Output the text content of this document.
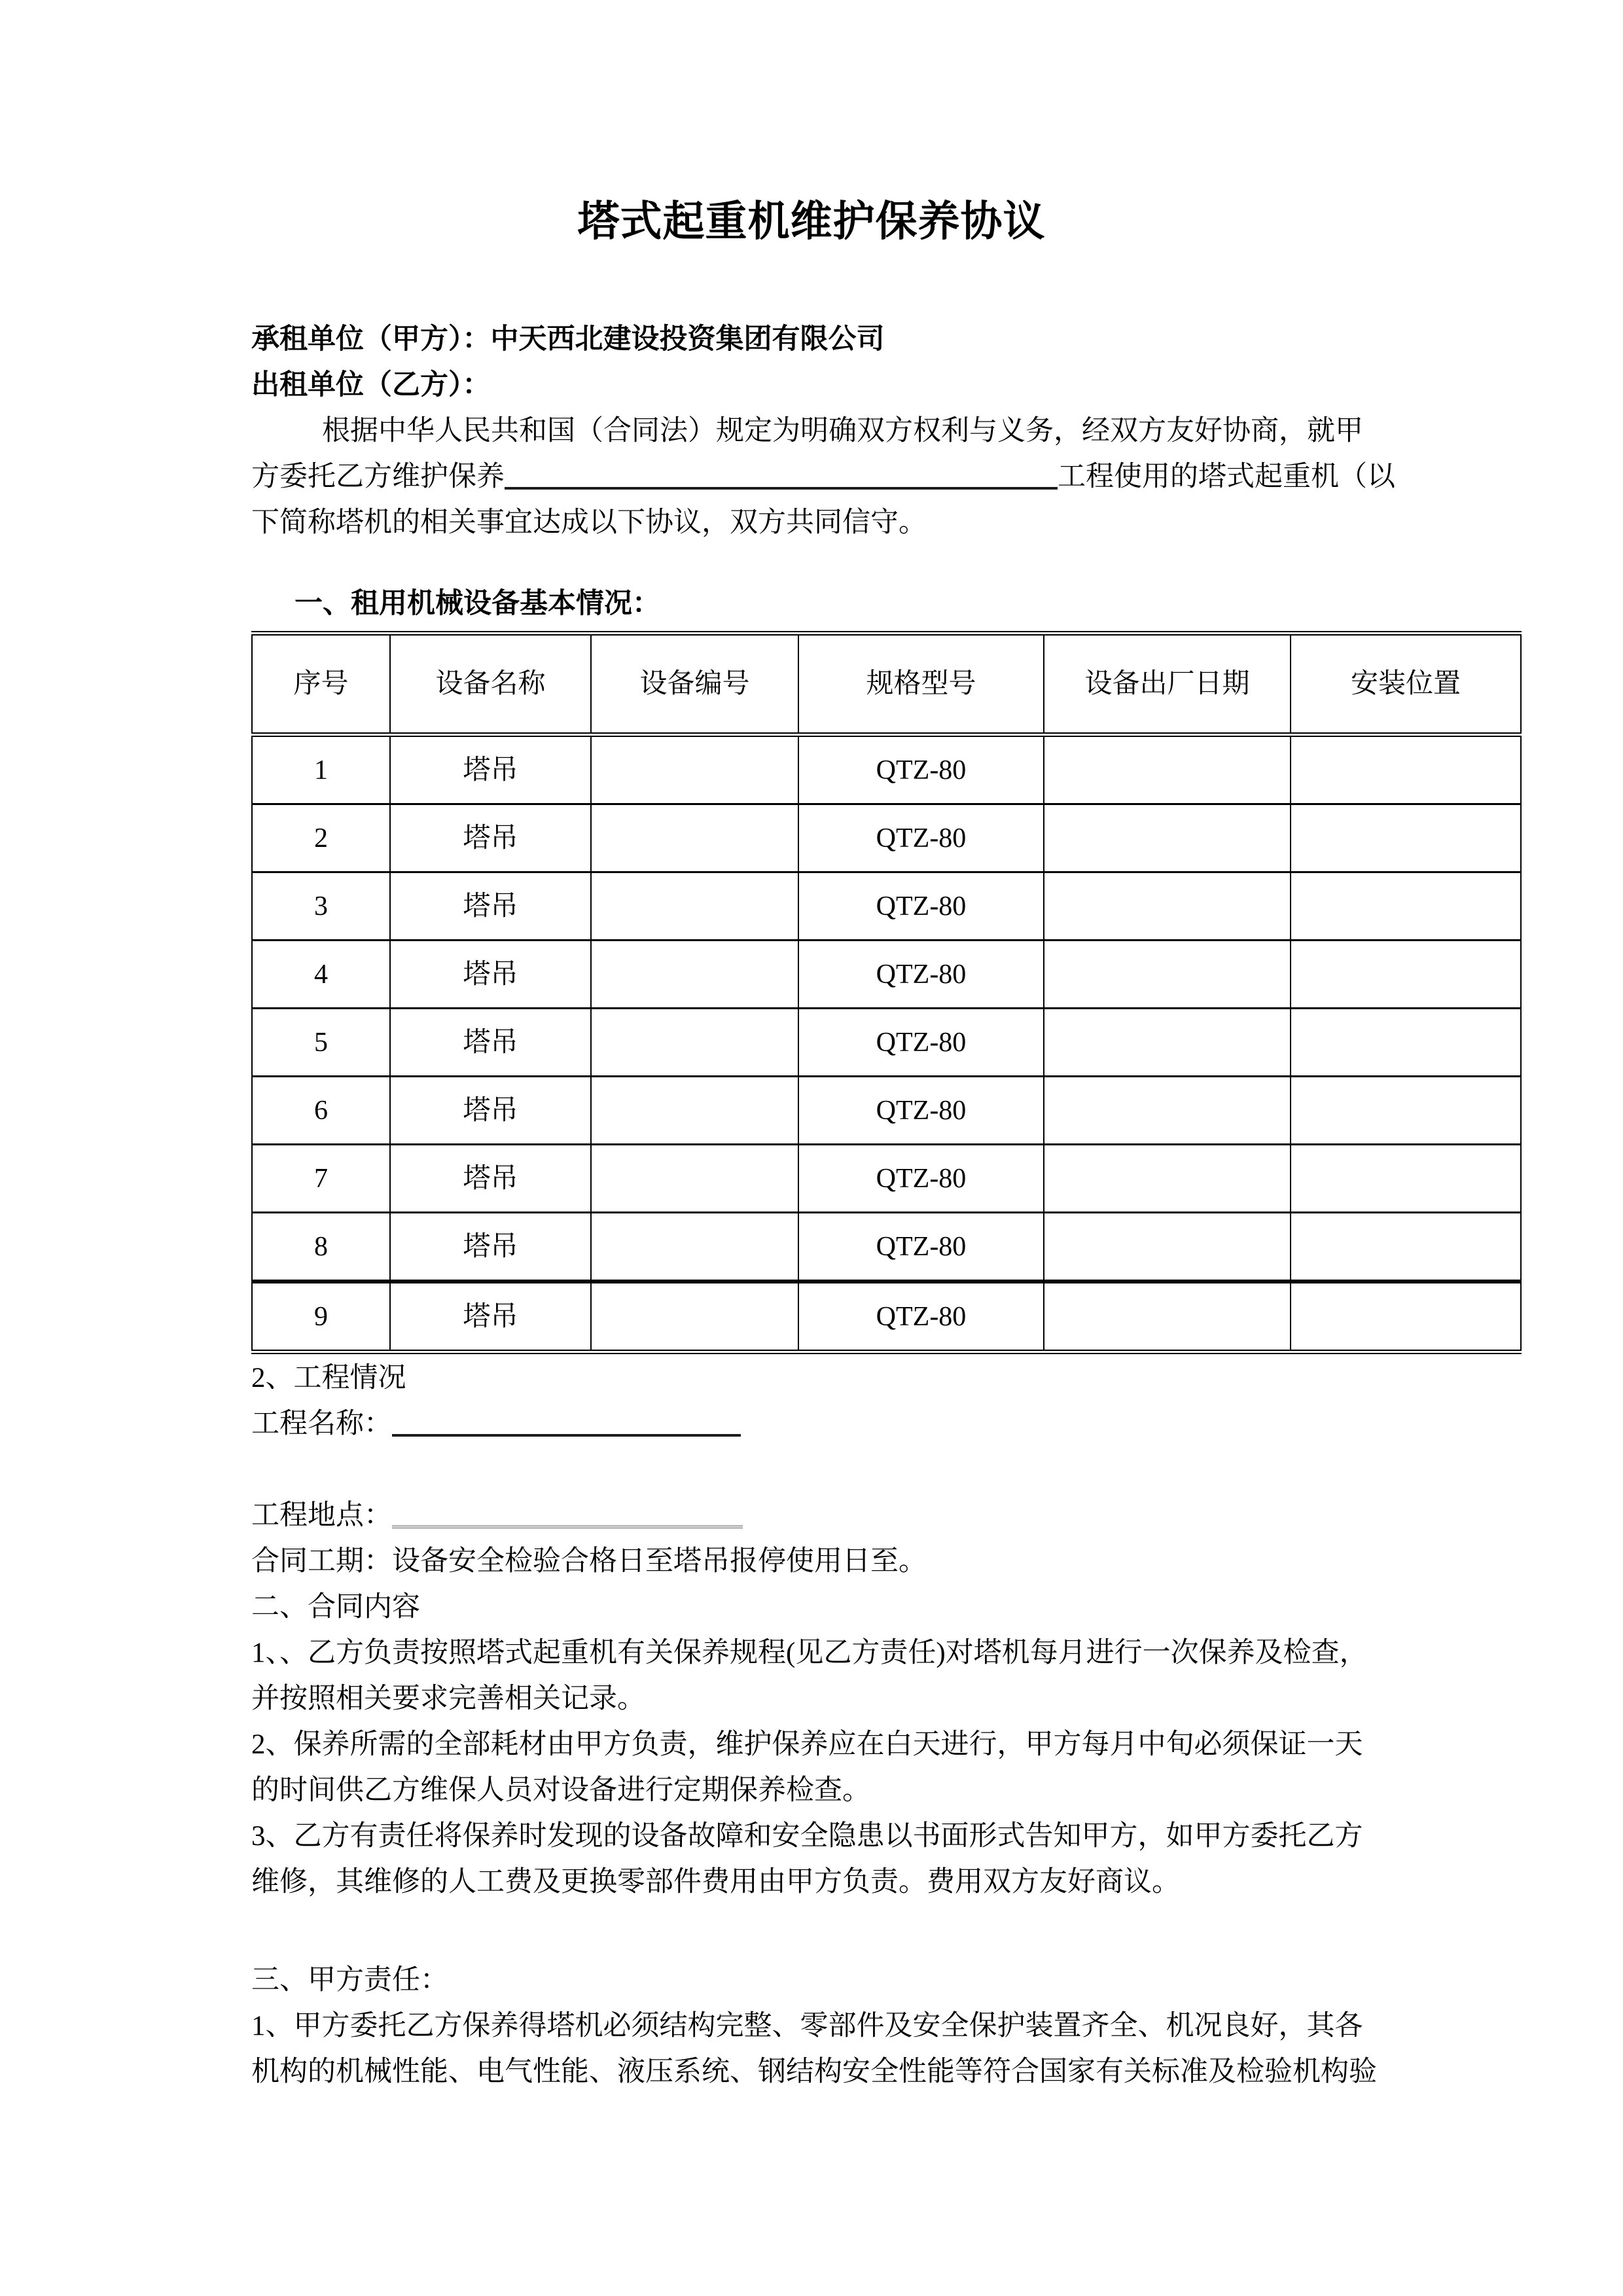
塔式起重机维护保养协议
承租单位（甲方）：中天西北建设投资集团有限公司
出租单位（乙方）：
根据中华人民共和国（合同法）规定为明确双方权利与义务，经双方友好协商，就甲
方委托乙方维护保养	工程使用的塔式起重机（以
下简称塔机的相关事宜达成以下协议，双方共同信守。
一、租用机械设备基本情况：
序号	设备名称	设备编号	规格型号	设备出厂日期	安装位置
1	塔吊		QTZ-80		
2	塔吊		QTZ-80		
3	塔吊		QTZ-80		
4	塔吊		QTZ-80		
5	塔吊		QTZ-80		
6	塔吊		QTZ-80		
7	塔吊		QTZ-80		
8	塔吊		QTZ-80		
9	塔吊		QTZ-80		
2、工程情况
工程名称：
工程地点：
合同工期：设备安全检验合格日至塔吊报停使用日至。
二、合同内容
1、、乙方负责按照塔式起重机有关保养规程(见乙方责任)对塔机每月进行一次保养及检查，
并按照相关要求完善相关记录。
2、保养所需的全部耗材由甲方负责，维护保养应在白天进行，甲方每月中旬必须保证一天
的时间供乙方维保人员对设备进行定期保养检查。
3、乙方有责任将保养时发现的设备故障和安全隐患以书面形式告知甲方，如甲方委托乙方
维修，其维修的人工费及更换零部件费用由甲方负责。费用双方友好商议。
三、甲方责任：
1、甲方委托乙方保养得塔机必须结构完整、零部件及安全保护装置齐全、机况良好，其各
机构的机械性能、电气性能、液压系统、钢结构安全性能等符合国家有关标准及检验机构验
